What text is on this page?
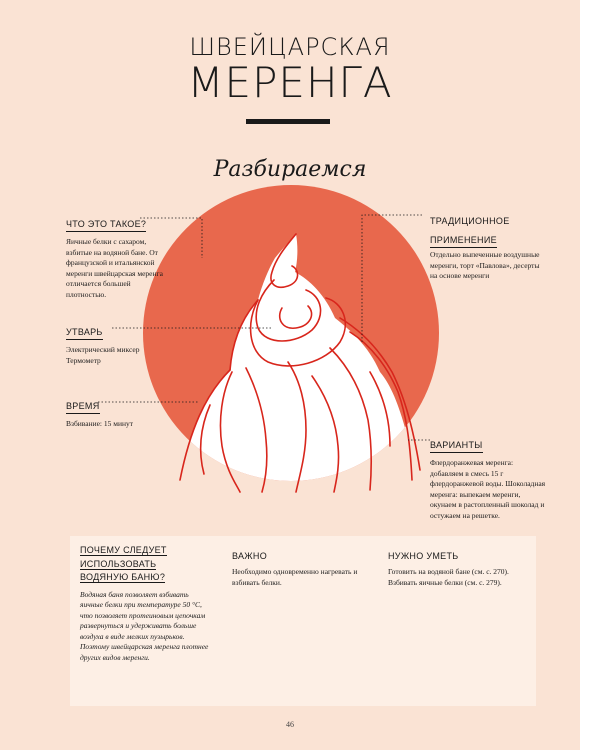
ШВЕЙЦАРСКАЯ
МЕРЕНГА
Разбираемся
ЧТО ЭТО ТАКОЕ?
Яичные белки с сахаром, взбитые на водяной бане. От французской и итальянской меренги швейцарская меренга отличается большей плотностью.
УТВАРЬ
Электрический миксер
Термометр
ВРЕМЯ
Взбивание: 15 минут
ТРАДИЦИОННОЕ
ПРИМЕНЕНИЕ
Отдельно выпеченные воздушные меренги, торт «Павлова», десерты на основе меренги
ВАРИАНТЫ
Флердоранжевая меренга: добавляем в смесь 15 г флердоранжевой воды. Шоколадная меренга: выпекаем меренги, окунаем в растопленный шоколад и остужаем на решетке.
ПОЧЕМУ СЛЕДУЕТ
ИСПОЛЬЗОВАТЬ
ВОДЯНУЮ БАНЮ?
Водяная баня позволяет взбивать яичные белки при температуре 50 °С, что позволяет протеиновым цепочкам развернуться и удерживать больше воздуха в виде мелких пузырьков. Поэтому швейцарская меренга плотнее других видов меренги.
ВАЖНО
Необходимо одновременно нагревать и взбивать белки.
НУЖНО УМЕТЬ
Готовить на водяной бане (см. с. 270).
Взбивать яичные белки (см. с. 279).
46
